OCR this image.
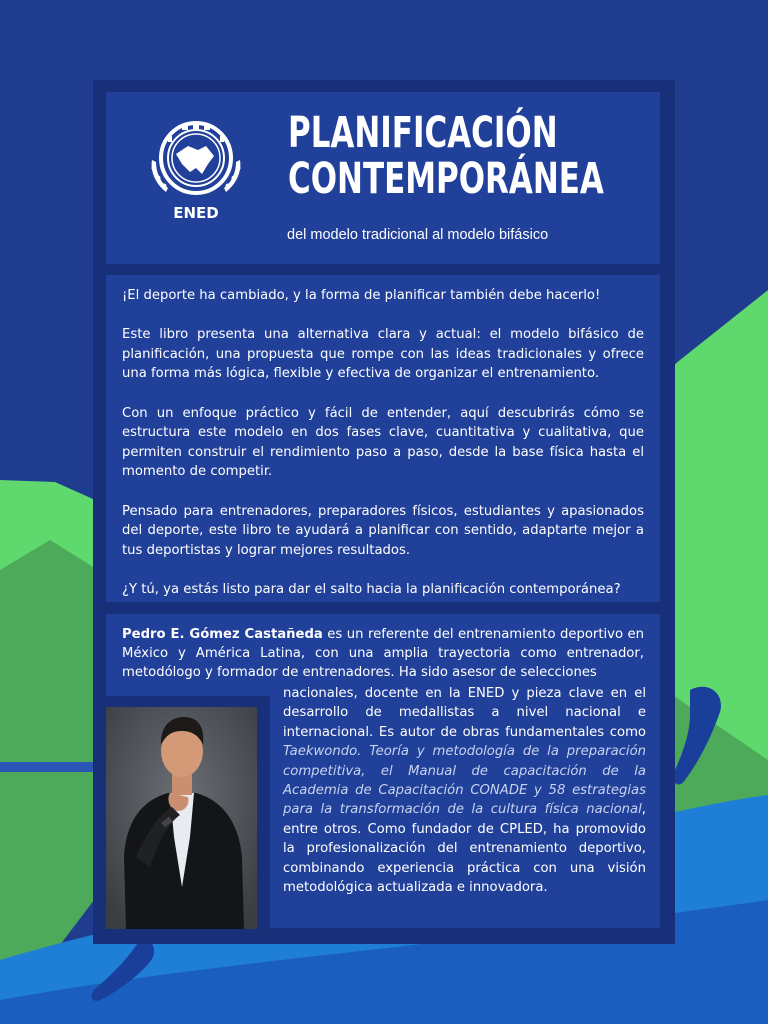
ENED
PLANIFICACIÓN
CONTEMPORÁNEA
del modelo tradicional al modelo bifásico

¡El deporte ha cambiado, y la forma de planificar también debe hacerlo!

Este libro presenta una alternativa clara y actual: el modelo bifásico de planificación, una propuesta que rompe con las ideas tradicionales y ofrece una forma más lógica, flexible y efectiva de organizar el entrenamiento.

Con un enfoque práctico y fácil de entender, aquí descubrirás cómo se estructura este modelo en dos fases clave, cuantitativa y cualitativa, que permiten construir el rendimiento paso a paso, desde la base física hasta el momento de competir.

Pensado para entrenadores, preparadores físicos, estudiantes y apasionados del deporte, este libro te ayudará a planificar con sentido, adaptarte mejor a tus deportistas y lograr mejores resultados.

¿Y tú, ya estás listo para dar el salto hacia la planificación contemporánea?

Pedro E. Gómez Castañeda es un referente del entrenamiento deportivo en México y América Latina, con una amplia trayectoria como entrenador, metodólogo y formador de entrenadores. Ha sido asesor de selecciones
nacionales, docente en la ENED y pieza clave en el desarrollo de medallistas a nivel nacional e internacional. Es autor de obras fundamentales como Taekwondo. Teoría y metodología de la preparación competitiva, el Manual de capacitación de la Academia de Capacitación CONADE y 58 estrategias para la transformación de la cultura física nacional, entre otros. Como fundador de CPLED, ha promovido la profesionalización del entrenamiento deportivo, combinando experiencia práctica con una visión metodológica actualizada e innovadora.
